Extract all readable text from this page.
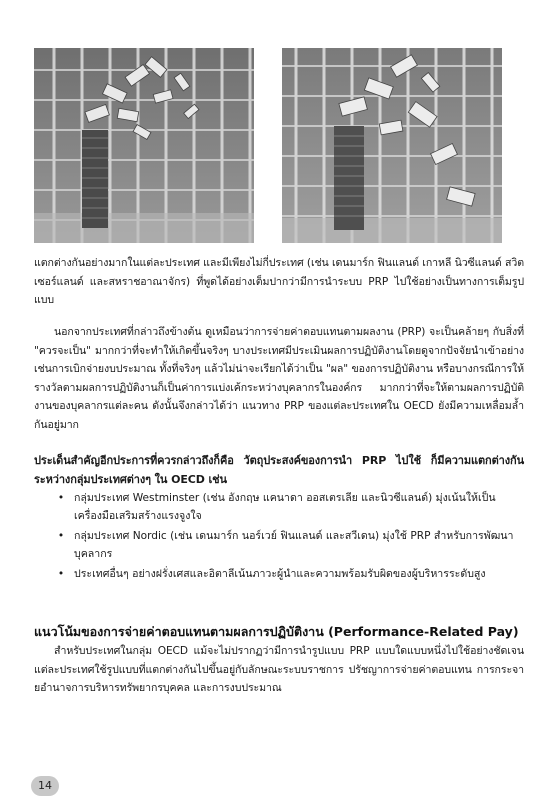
แตกต่างกันอย่างมากในแต่ละประเทศ และมีเพียงไม่กี่ประเทศ (เช่น เดนมาร์ก ฟินแลนด์ เกาหลี นิวซีแลนด์ สวิตเซอร์แลนด์ และสหราชอาณาจักร) ที่พูดได้อย่างเต็มปากว่ามีการนำระบบ PRP ไปใช้อย่างเป็นทางการเต็มรูปแบบ
นอกจากประเทศที่กล่าวถึงข้างต้น ดูเหมือนว่าการจ่ายค่าตอบแทนตามผลงาน (PRP) จะเป็นคล้ายๆ กับสิ่งที่ "ควรจะเป็น" มากกว่าที่จะทำให้เกิดขึ้นจริงๆ บางประเทศมีประเมินผลการปฏิบัติงานโดยดูจากปัจจัยนำเข้าอย่างเช่นการเบิกจ่ายงบประมาณ ทั้งที่จริงๆ แล้วไม่น่าจะเรียกได้ว่าเป็น "ผล" ของการปฏิบัติงาน หรือบางกรณีการให้รางวัลตามผลการปฏิบัติงานก็เป็นค่าการแบ่งเค้กระหว่างบุคลากรในองค์กร มากกว่าที่จะให้ตามผลการปฏิบัติงานของบุคลากรแต่ละคน ดังนั้นจึงกล่าวได้ว่า แนวทาง PRP ของแต่ละประเทศใน OECD ยังมีความเหลื่อมล้ำกันอยู่มาก
ประเด็นสำคัญอีกประการที่ควรกล่าวถึงก็คือ วัตถุประสงค์ของการนำ PRP ไปใช้ ก็มีความแตกต่างกันระหว่างกลุ่มประเทศต่างๆ ใน OECD เช่น
• กลุ่มประเทศ Westminster (เช่น อังกฤษ แคนาดา ออสเตรเลีย และนิวซีแลนด์) มุ่งเน้นให้เป็นเครื่องมือเสริมสร้างแรงจูงใจ
• กลุ่มประเทศ Nordic (เช่น เดนมาร์ก นอร์เวย์ ฟินแลนด์ และสวีเดน) มุ่งใช้ PRP สำหรับการพัฒนาบุคลากร
• ประเทศอื่นๆ อย่างฝรั่งเศสและอิตาลีเน้นภาวะผู้นำและความพร้อมรับผิดของผู้บริหารระดับสูง
แนวโน้มของการจ่ายค่าตอบแทนตามผลการปฏิบัติงาน (Performance-Related Pay)
สำหรับประเทศในกลุ่ม OECD แม้จะไม่ปรากฏว่ามีการนำรูปแบบ PRP แบบใดแบบหนึ่งไปใช้อย่างชัดเจน แต่ละประเทศใช้รูปแบบที่แตกต่างกันไปขึ้นอยู่กับลักษณะระบบราชการ ปรัชญาการจ่ายค่าตอบแทน การกระจายอำนาจการบริหารทรัพยากรบุคคล และการงบประมาณ
14
